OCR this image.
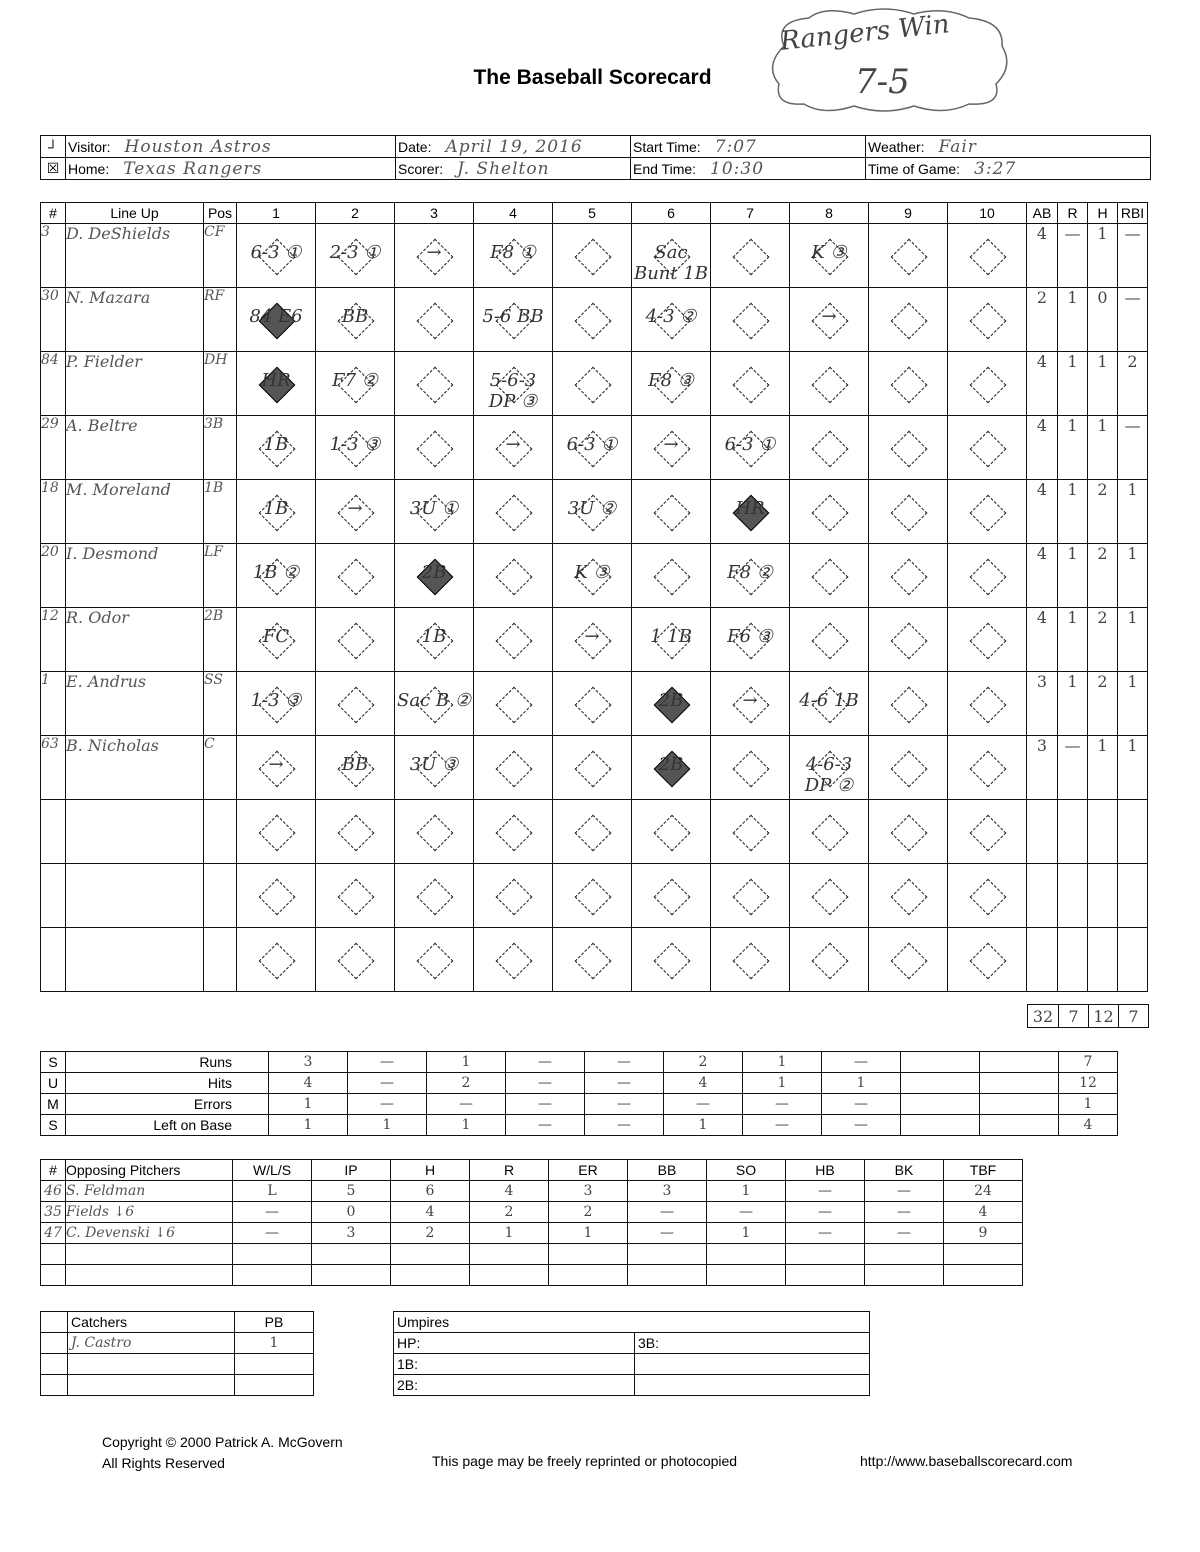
The Baseball Scorecard
Rangers Win
7-5
┘	Visitor: Houston Astros	Date: April 19, 2016	Start Time: 7:07	Weather: Fair
☒	Home: Texas Rangers	Scorer: J. Shelton	End Time: 10:30	Time of Game: 3:27
#	Line Up	Pos	1	2	3	4	5	6	7	8	9	10	AB	R	H	RBI
3	D. DeShields	CF	6-3 ①	2-3 ①	→	F8 ①		Sac Bunt 1B		K ③			4	—	1	—
30	N. Mazara	RF	84 E6	BB		5-6 BB		4-3 ②		→			2	1	0	—
84	P. Fielder	DH	HR	F7 ②		5-6-3 DP ③		F8 ③					4	1	1	2
29	A. Beltre	3B	1B	1-3 ③		→	6-3 ①	→	6-3 ①				4	1	1	—
18	M. Moreland	1B	1B	→	3U ①		3U ②		HR				4	1	2	1
20	I. Desmond	LF	1B ②		2B		K ③		F8 ②				4	1	2	1
12	R. Odor	2B	FC		1B		→	1 1B	F6 ③				4	1	2	1
1	E. Andrus	SS	1-3 ③		Sac B ②			2B	→	4-6 1B			3	1	2	1
63	B. Nicholas	C	→	BB	3U ③			2B		4-6-3 DP ②			3	—	1	1

32	7	12	7
S	Runs	3	—	1	—	—	2	1	—			7
U	Hits	4	—	2	—	—	4	1	1			12
M	Errors	1	—	—	—	—	—	—	—			1
S	Left on Base	1	1	1	—	—	1	—	—			4
#	Opposing Pitchers	W/L/S	IP	H	R	ER	BB	SO	HB	BK	TBF
46	S. Feldman	L	5	6	4	3	3	1	—	—	24
35	Fields ↓6	—	0	4	2	2	—	—	—	—	4
47	C. Devenski ↓6	—	3	2	1	1	—	1	—	—	9

	Catchers	PB
	J. Castro	1

Umpires	
HP:	3B:
1B:	
2B:	
Copyright © 2000 Patrick A. McGovern
All Rights Reserved	This page may be freely reprinted or photocopied	http://www.baseballscorecard.com
